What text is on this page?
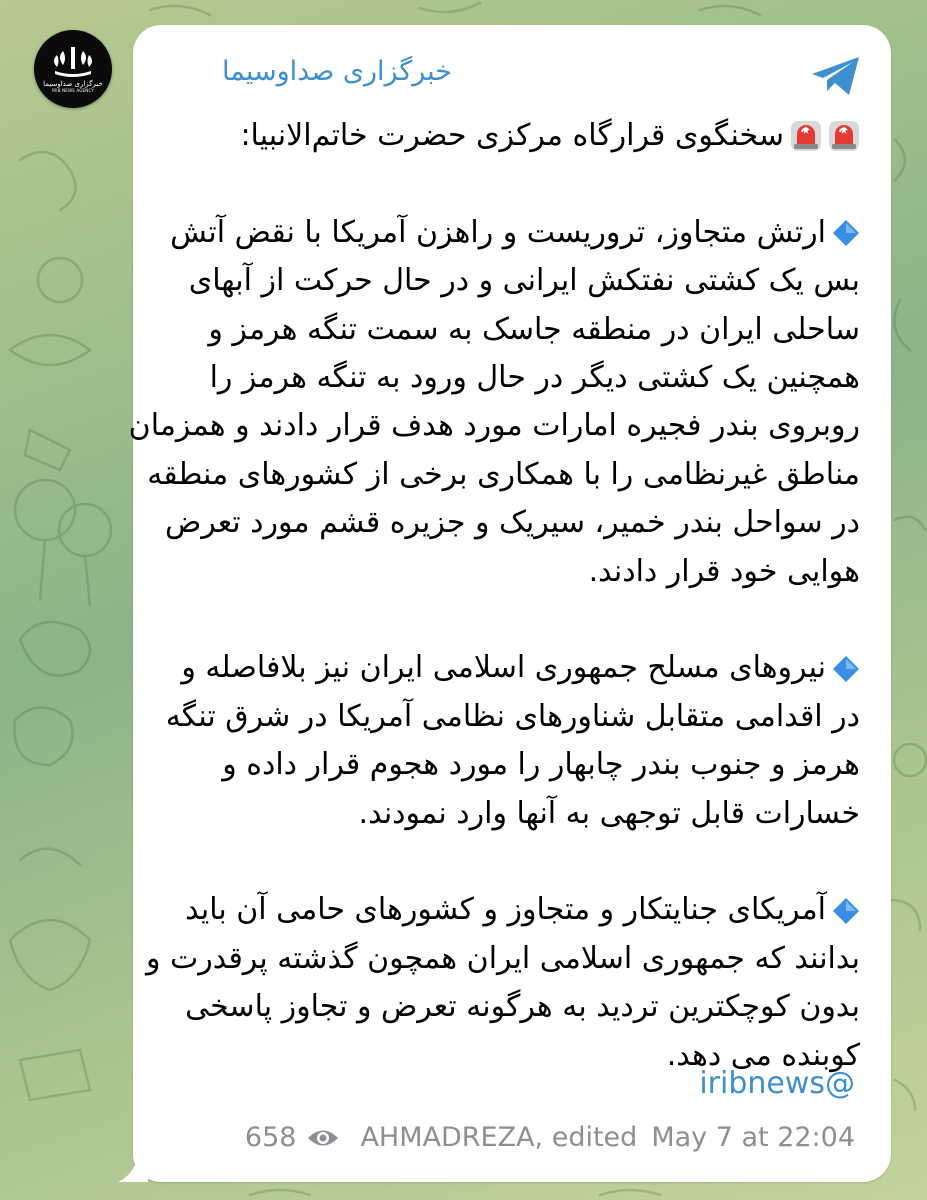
خبرگزاری صداوسیما
IRIB NEWS AGENCY
خبرگزاری صداوسیما
سخنگوی قرارگاه مرکزی حضرت خاتم‌الانبیا:
ارتش متجاوز، تروریست و راهزن آمریکا با نقض آتش
بس یک کشتی نفتکش ایرانی و در حال حرکت از آبهای
ساحلی ایران در منطقه جاسک به سمت تنگه هرمز و
همچنین یک کشتی دیگر در حال ورود به تنگه هرمز را
روبروی بندر فجیره امارات مورد هدف قرار دادند و همزمان
مناطق غیرنظامی را با همکاری برخی از کشورهای منطقه
در سواحل بندر خمیر، سیریک و جزیره قشم مورد تعرض
هوایی خود قرار دادند.
نیروهای مسلح جمهوری اسلامی ایران نیز بلافاصله و
در اقدامی متقابل شناورهای نظامی آمریکا در شرق تنگه
هرمز و جنوب بندر چابهار را مورد هجوم قرار داده و
خسارات قابل توجهی به آنها وارد نمودند.
آمریکای جنایتکار و متجاوز و کشورهای حامی آن باید
بدانند که جمهوری اسلامی ایران همچون گذشته پرقدرت و
بدون کوچکترین تردید به هرگونه تعرض و تجاوز پاسخی
کوبنده می دهد.
iribnews@
658 AHMADREZA, edited May 7 at 22:04
